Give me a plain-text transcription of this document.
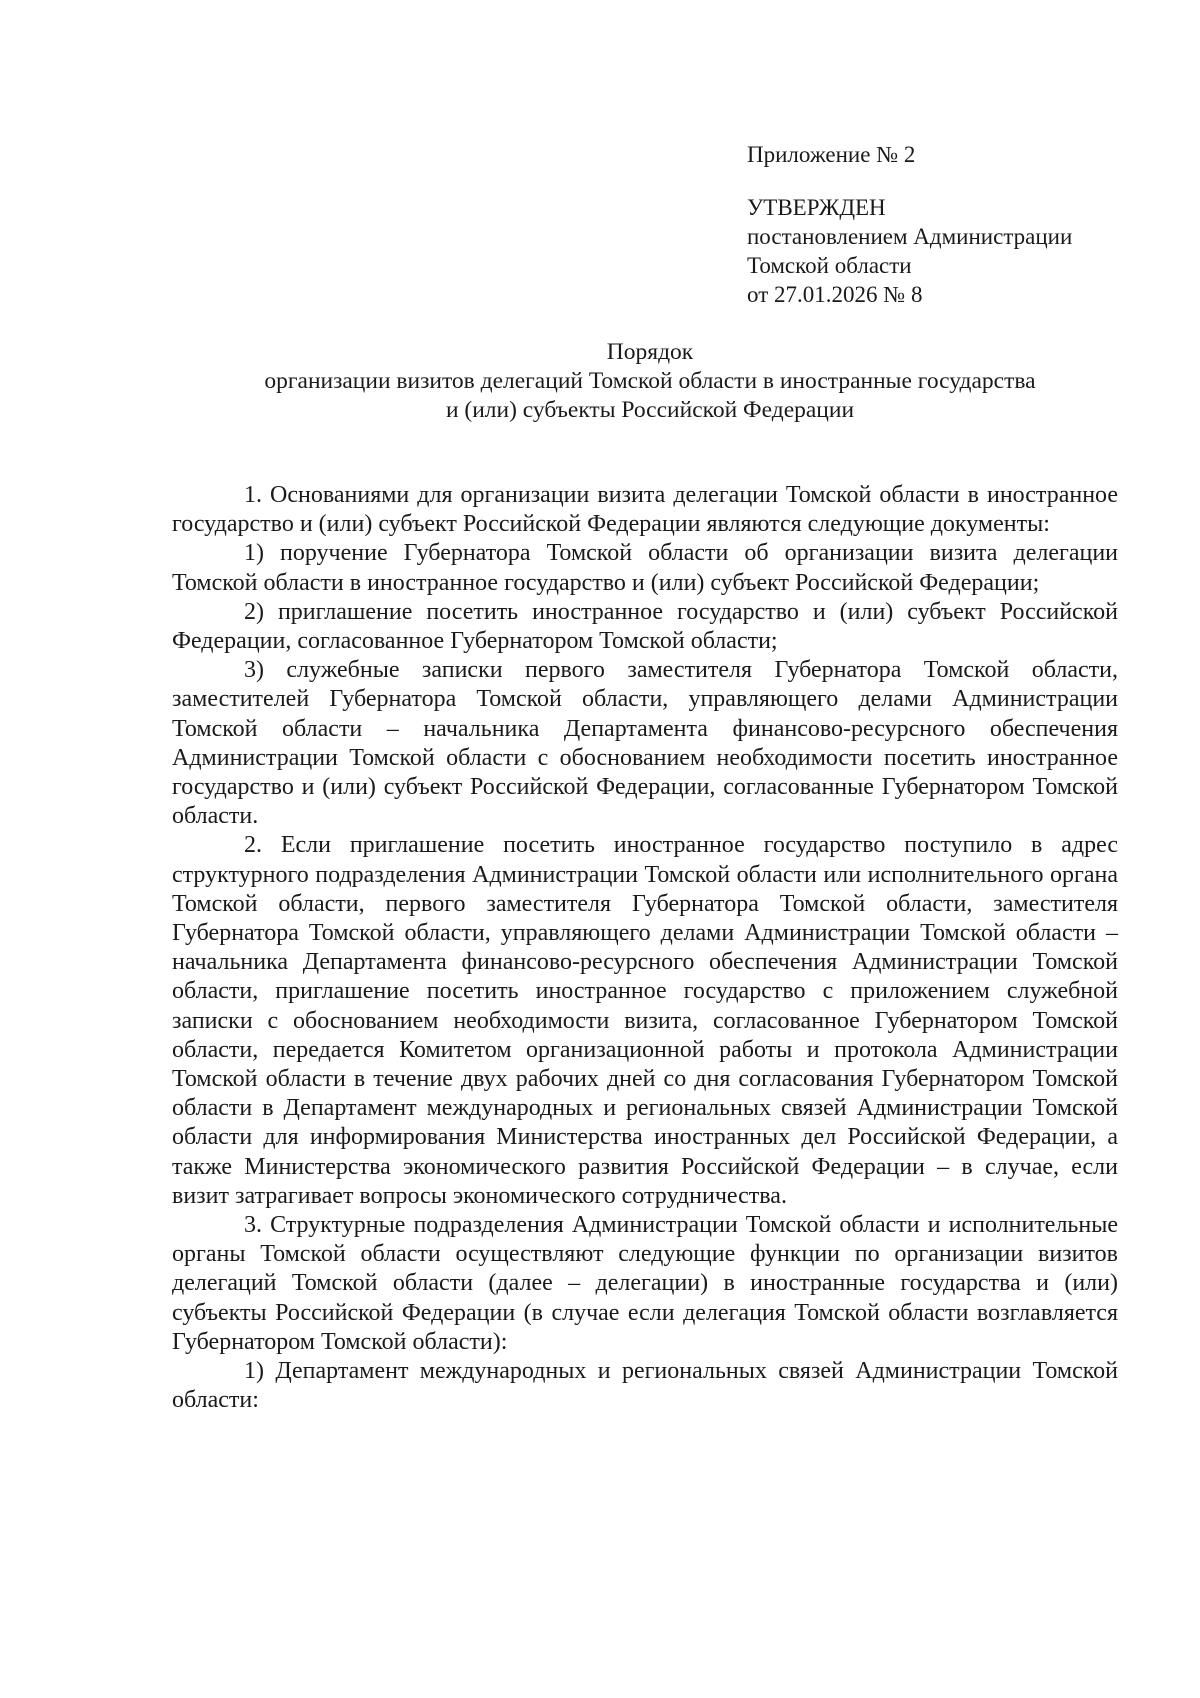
Приложение № 2
УТВЕРЖДЕН
постановлением Администрации
Томской области
от 27.01.2026 № 8
Порядок
организации визитов делегаций Томской области в иностранные государства
и (или) субъекты Российской Федерации

1. Основаниями для организации визита делегации Томской области в иностранное государство и (или) субъект Российской Федерации являются следующие документы:

1) поручение Губернатора Томской области об организации визита делегации Томской области в иностранное государство и (или) субъект Российской Федерации;

2) приглашение посетить иностранное государство и (или) субъект Российской Федерации, согласованное Губернатором Томской области;

3) служебные записки первого заместителя Губернатора Томской области, заместителей Губернатора Томской области, управляющего делами Администрации Томской области – начальника Департамента финансово-ресурсного обеспечения Администрации Томской области с обоснованием необходимости посетить иностранное государство и (или) субъект Российской Федерации, согласованные Губернатором Томской области.

2. Если приглашение посетить иностранное государство поступило в адрес структурного подразделения Администрации Томской области или исполнительного органа Томской области, первого заместителя Губернатора Томской области, заместителя Губернатора Томской области, управляющего делами Администрации Томской области – начальника Департамента финансово-ресурсного обеспечения Администрации Томской области, приглашение посетить иностранное государство с приложением служебной записки с обоснованием необходимости визита, согласованное Губернатором Томской области, передается Комитетом организационной работы и протокола Администрации Томской области в течение двух рабочих дней со дня согласования Губернатором Томской области в Департамент международных и региональных связей Администрации Томской области для информирования Министерства иностранных дел Российской Федерации, а также Министерства экономического развития Российской Федерации – в случае, если визит затрагивает вопросы экономического сотрудничества.

3. Структурные подразделения Администрации Томской области и исполнительные органы Томской области осуществляют следующие функции по организации визитов делегаций Томской области (далее – делегации) в иностранные государства и (или) субъекты Российской Федерации (в случае если делегация Томской области возглавляется Губернатором Томской области):

1) Департамент международных и региональных связей Администрации Томской области:
